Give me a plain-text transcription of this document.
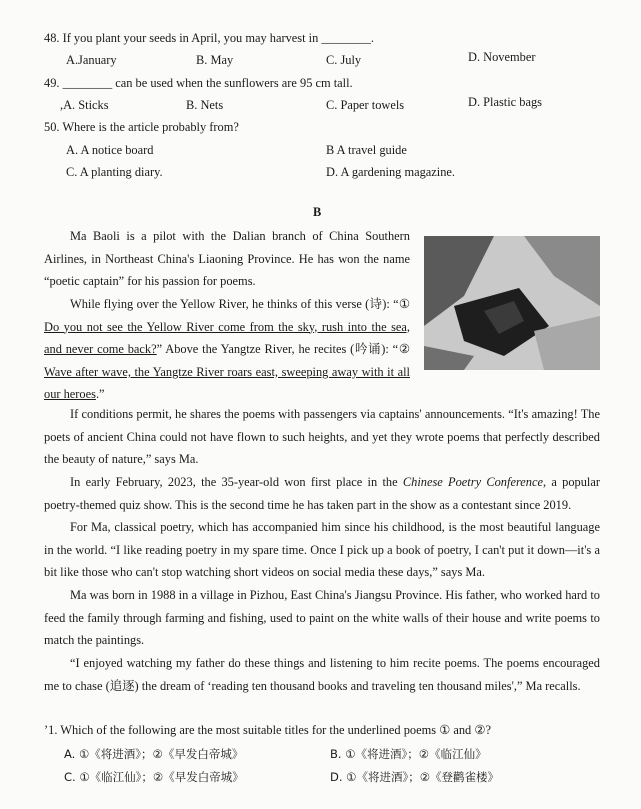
48. If you plant your seeds in April, you may harvest in ________.
A.January	B. May	C. July	D. November
49. ________ can be used when the sunflowers are 95 cm tall.
,A. Sticks	B. Nets	C. Paper towels	D. Plastic bags
50. Where is the article probably from?
A. A notice board	B A travel guide
C. A planting diary.	D. A gardening magazine.
B
Ma Baoli is a pilot with the Dalian branch of China Southern Airlines, in Northeast China's Liaoning Province. He has won the name “poetic captain” for his passion for poems.
While flying over the Yellow River, he thinks of this verse (诗): “① Do you not see the Yellow River come from the sky, rush into the sea, and never come back?” Above the Yangtze River, he recites (吟诵): “② Wave after wave, the Yangtze River roars east, sweeping away with it all our heroes.”
If conditions permit, he shares the poems with passengers via captains' announcements. “It's amazing! The poets of ancient China could not have flown to such heights, and yet they wrote poems that perfectly described the beauty of nature,” says Ma.
In early February, 2023, the 35-year-old won first place in the Chinese Poetry Conference, a popular poetry-themed quiz show. This is the second time he has taken part in the show as a contestant since 2019.
For Ma, classical poetry, which has accompanied him since his childhood, is the most beautiful language in the world. “I like reading poetry in my spare time. Once I pick up a book of poetry, I can't put it down—it's a bit like those who can't stop watching short videos on social media these days,” says Ma.
Ma was born in 1988 in a village in Pizhou, East China's Jiangsu Province. His father, who worked hard to feed the family through farming and fishing, used to paint on the white walls of their house and write poems to match the paintings.
“I enjoyed watching my father do these things and listening to him recite poems. The poems encouraged me to chase (追逐) the dream of ‘reading ten thousand books and traveling ten thousand miles',” Ma recalls.
’1. Which of the following are the most suitable titles for the underlined poems ① and ②?
A. ①《将进酒》；②《早发白帝城》	B. ①《将进酒》；②《临江仙》
C. ①《临江仙》；②《早发白帝城》	D. ①《将进酒》；②《登鹳雀楼》
